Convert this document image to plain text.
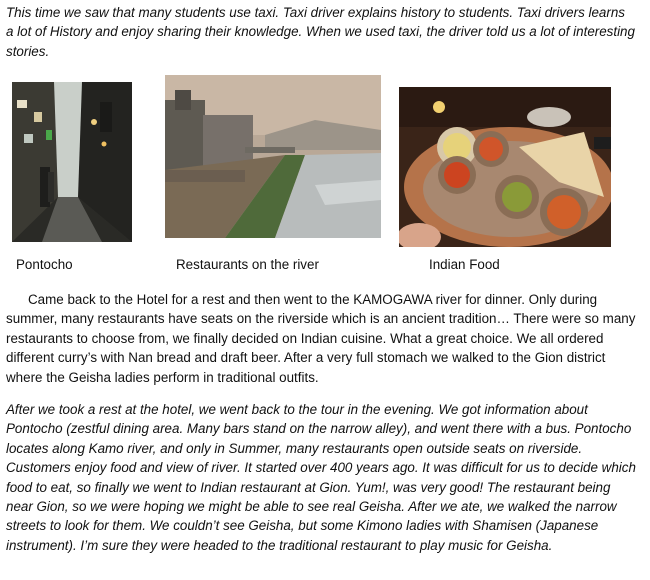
This time we saw that many students use taxi. Taxi driver explains history to students. Taxi drivers learns a lot of History and enjoy sharing their knowledge. When we used taxi, the driver told us a lot of interesting stories.

Pontocho	Restaurants on the river	Indian Food

Came back to the Hotel for a rest and then went to the KAMOGAWA river for dinner. Only during summer, many restaurants have seats on the riverside which is an ancient tradition… There were so many restaurants to choose from, we finally decided on Indian cuisine. What a great choice. We all ordered different curry’s with Nan bread and draft beer. After a very full stomach we walked to the Gion district where the Geisha ladies perform in traditional outfits.

After we took a rest at the hotel, we went back to the tour in the evening. We got information about Pontocho (zestful dining area. Many bars stand on the narrow alley), and went there with a bus. Pontocho locates along Kamo river, and only in Summer, many restaurants open outside seats on riverside. Customers enjoy food and view of river. It started over 400 years ago. It was difficult for us to decide which food to eat, so finally we went to Indian restaurant at Gion. Yum!, was very good! The restaurant being near Gion, so we were hoping we might be able to see real Geisha. After we ate, we walked the narrow streets to look for them. We couldn’t see Geisha, but some Kimono ladies with Shamisen (Japanese instrument). I’m sure they were headed to the traditional restaurant to play music for Geisha.
